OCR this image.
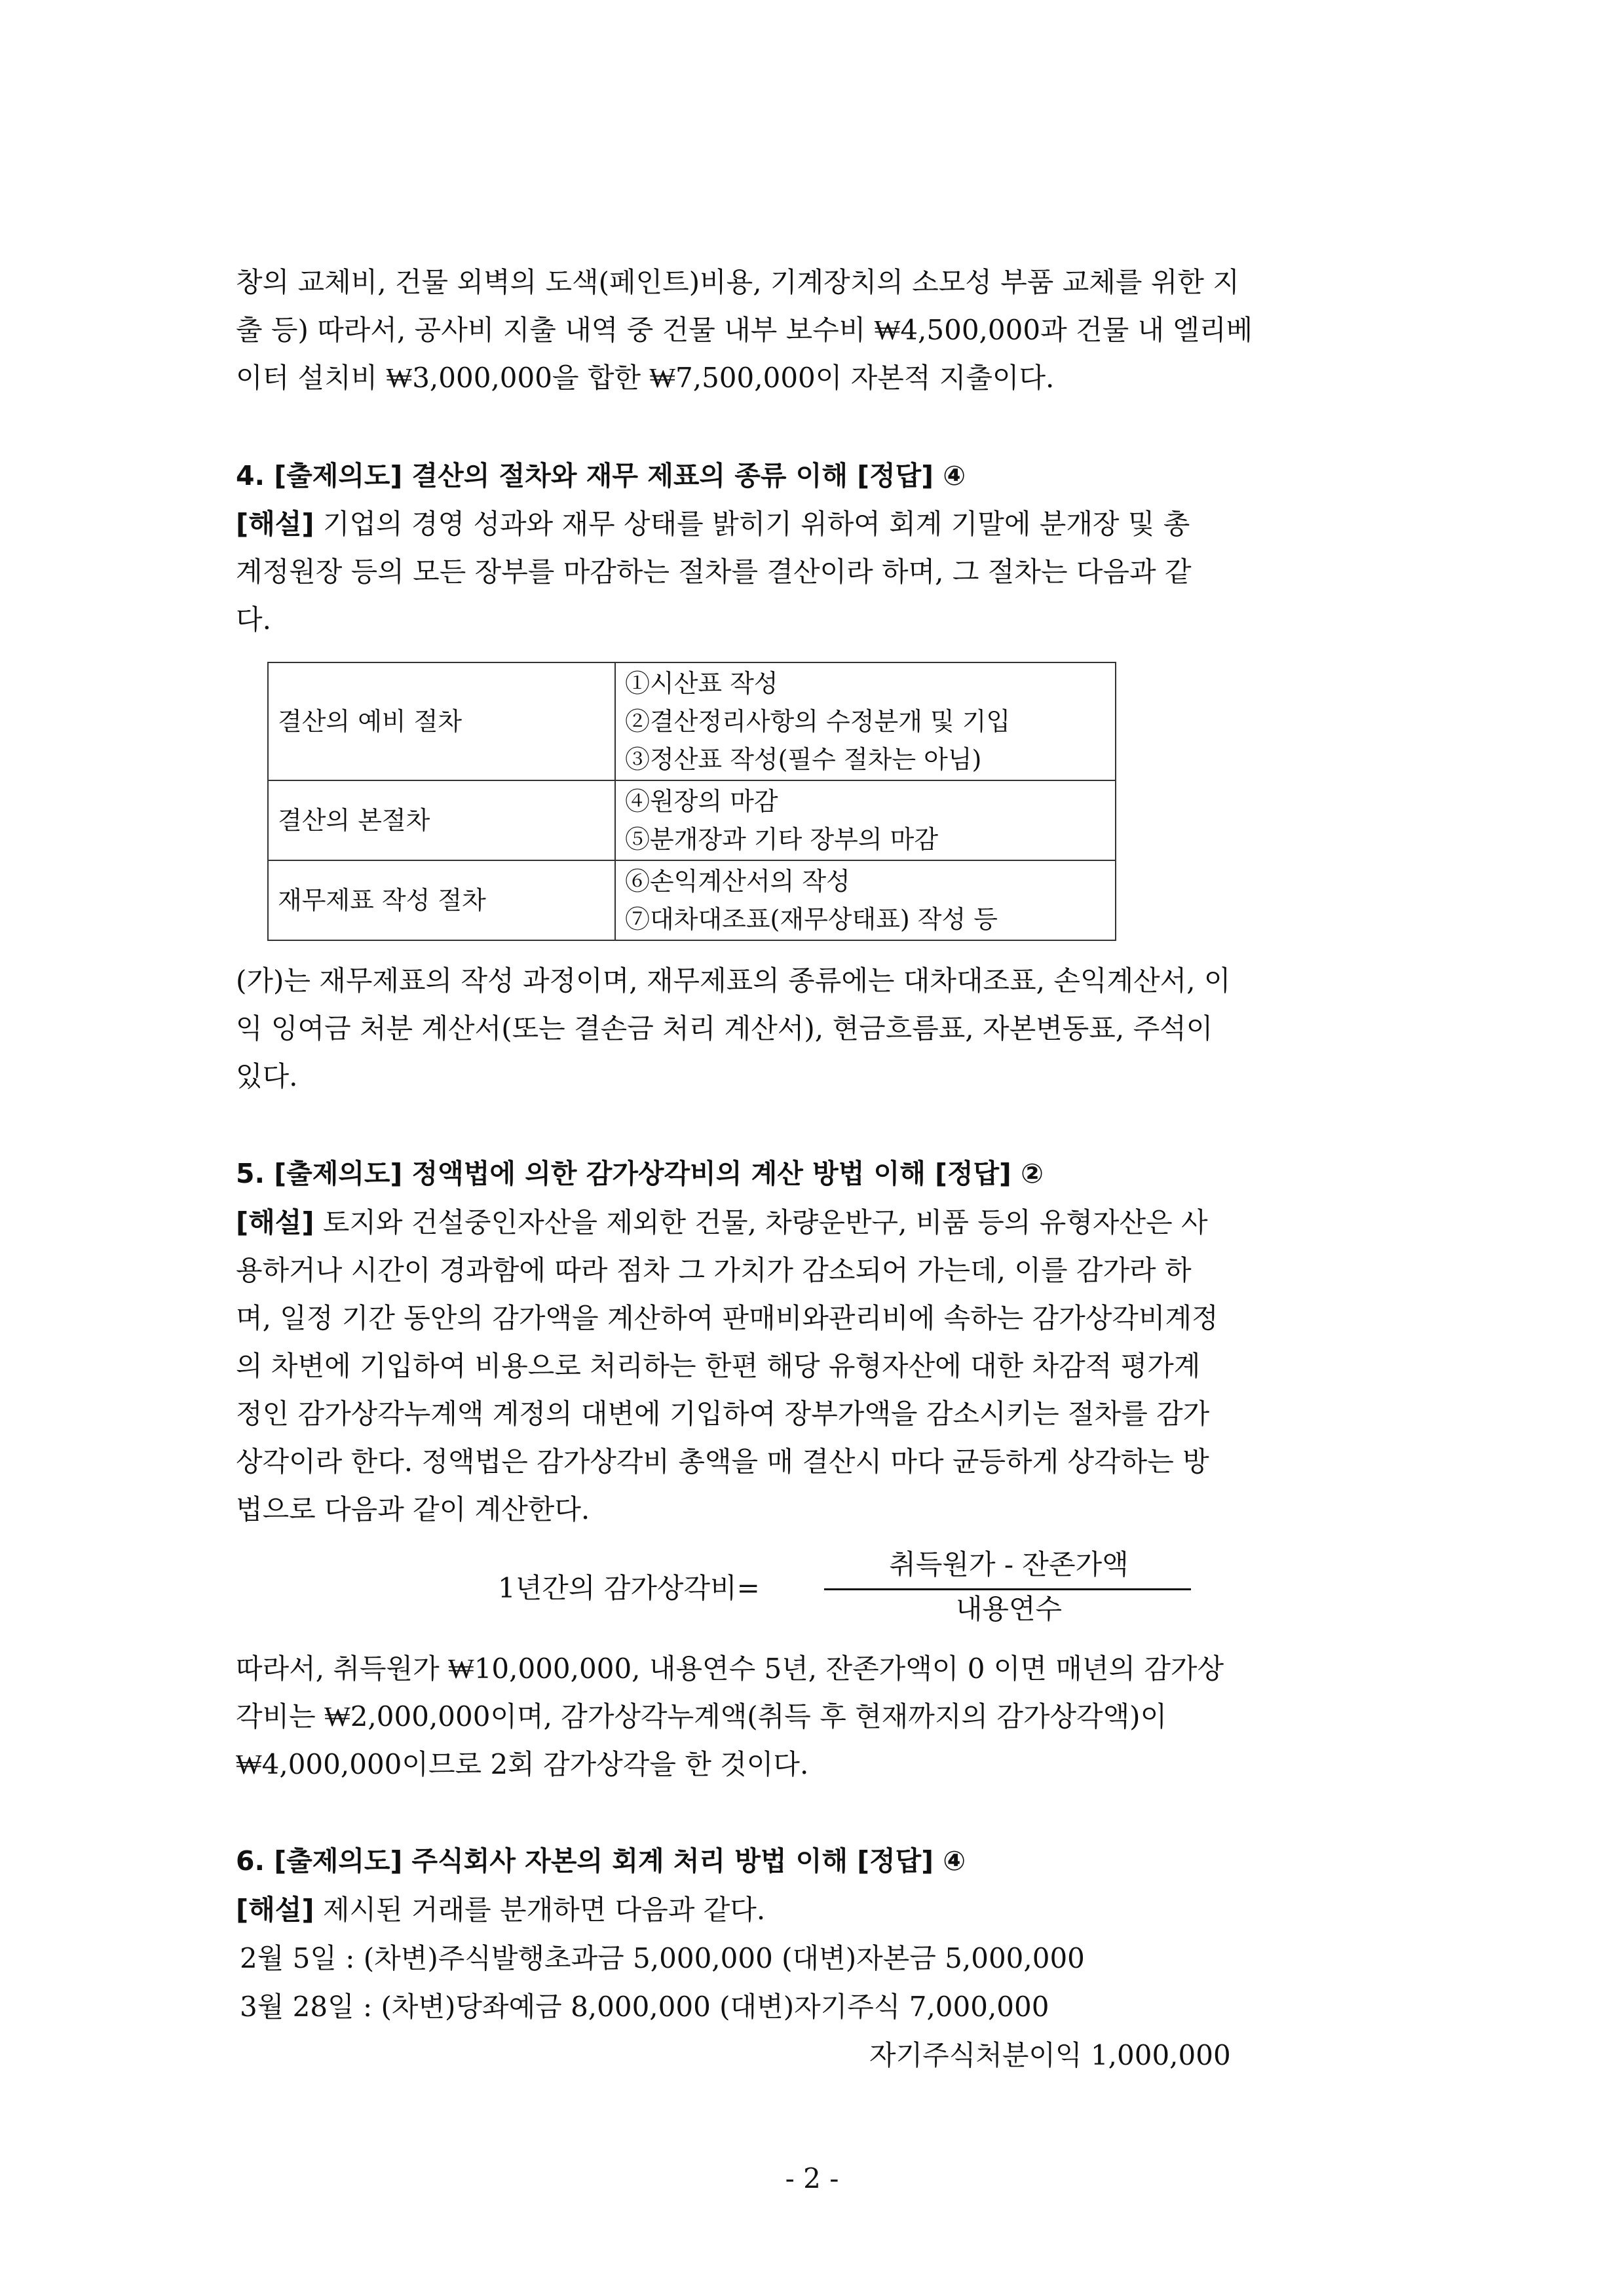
창의 교체비, 건물 외벽의 도색(페인트)비용, 기계장치의 소모성 부품 교체를 위한 지

출 등) 따라서, 공사비 지출 내역 중 건물 내부 보수비 ₩4,500,000과 건물 내 엘리베

이터 설치비 ₩3,000,000을 합한 ₩7,500,000이 자본적 지출이다.

4. [출제의도] 결산의 절차와 재무 제표의 종류 이해 [정답] ④

[해설] 기업의 경영 성과와 재무 상태를 밝히기 위하여 회계 기말에 분개장 및 총

계정원장 등의 모든 장부를 마감하는 절차를 결산이라 하며, 그 절차는 다음과 같

다.

결산의 예비 절차	①시산표 작성
②결산정리사항의 수정분개 및 기입
③정산표 작성(필수 절차는 아님)

결산의 본절차	④원장의 마감
⑤분개장과 기타 장부의 마감

재무제표 작성 절차	⑥손익계산서의 작성
⑦대차대조표(재무상태표) 작성 등

(가)는 재무제표의 작성 과정이며, 재무제표의 종류에는 대차대조표, 손익계산서, 이

익 잉여금 처분 계산서(또는 결손금 처리 계산서), 현금흐름표, 자본변동표, 주석이

있다.

5. [출제의도] 정액법에 의한 감가상각비의 계산 방법 이해 [정답] ②

[해설] 토지와 건설중인자산을 제외한 건물, 차량운반구, 비품 등의 유형자산은 사

용하거나 시간이 경과함에 따라 점차 그 가치가 감소되어 가는데, 이를 감가라 하

며, 일정 기간 동안의 감가액을 계산하여 판매비와관리비에 속하는 감가상각비계정

의 차변에 기입하여 비용으로 처리하는 한편 해당 유형자산에 대한 차감적 평가계

정인 감가상각누계액 계정의 대변에 기입하여 장부가액을 감소시키는 절차를 감가

상각이라 한다. 정액법은 감가상각비 총액을 매 결산시 마다 균등하게 상각하는 방

법으로 다음과 같이 계산한다.

1년간의 감가상각비=
취득원가 - 잔존가액
내용연수

따라서, 취득원가 ₩10,000,000, 내용연수 5년, 잔존가액이 0 이면 매년의 감가상

각비는 ₩2,000,000이며, 감가상각누계액(취득 후 현재까지의 감가상각액)이

₩4,000,000이므로 2회 감가상각을 한 것이다.

6. [출제의도] 주식회사 자본의 회계 처리 방법 이해 [정답] ④
[해설] 제시된 거래를 분개하면 다음과 같다.
2월 5일 : (차변)주식발행초과금 5,000,000 (대변)자본금 5,000,000
3월 28일 : (차변)당좌예금 8,000,000 (대변)자기주식 7,000,000
자기주식처분이익 1,000,000
- 2 -
